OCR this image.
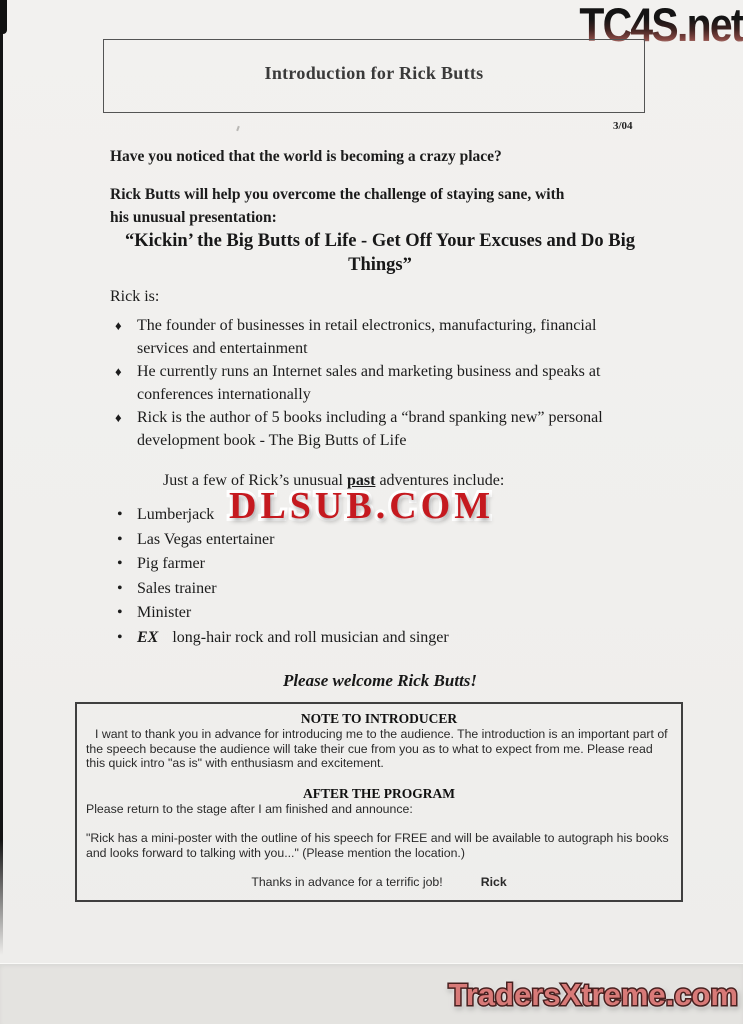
TC4S.net
Introduction for Rick Butts
3/04

Have you noticed that the world is becoming a crazy place?

Rick Butts will help you overcome the challenge of staying sane, with
his unusual presentation:

“Kickin’ the Big Butts of Life - Get Off Your Excuses and Do Big Things”

Rick is:

♦ The founder of businesses in retail electronics, manufacturing, financial services and entertainment
♦ He currently runs an Internet sales and marketing business and speaks at conferences internationally
♦ Rick is the author of 5 books including a “brand spanking new” personal development book - The Big Butts of Life
Just a few of Rick’s unusual past adventures include:
• Lumberjack
• Las Vegas entertainer
• Pig farmer
• Sales trainer
• Minister
• EX long-hair rock and roll musician and singer

Please welcome Rick Butts!

DLSUB.COM
NOTE TO INTRODUCER

I want to thank you in advance for introducing me to the audience. The introduction is an important part of the speech because the audience will take their cue from you as to what to expect from me. Please read this quick intro "as is" with enthusiasm and excitement.

AFTER THE PROGRAM

Please return to the stage after I am finished and announce:

"Rick has a mini-poster with the outline of his speech for FREE and will be available to autograph his books and looks forward to talking with you..." (Please mention the location.)

Thanks in advance for a terrific job!	Rick
TradersXtreme.com
